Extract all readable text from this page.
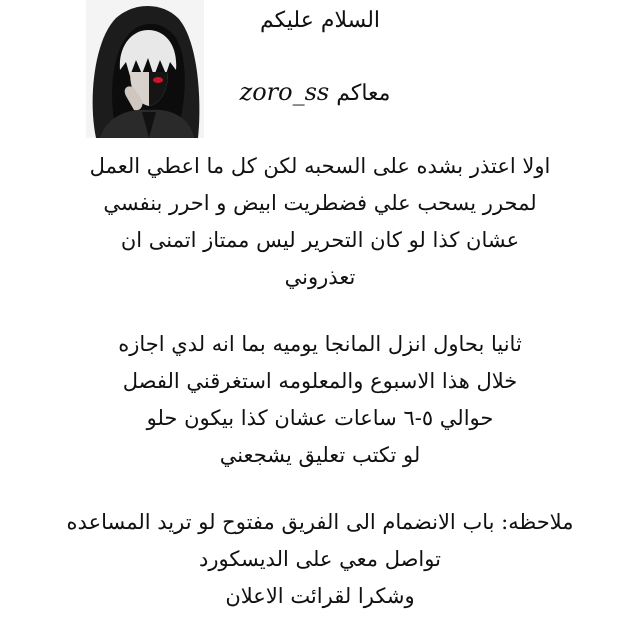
السلام عليكم
معاكم zoro_ss
اولا اعتذر بشده على السحبه لكن كل ما اعطي العمل
لمحرر يسحب علي فضطريت ابيض و احرر بنفسي
عشان كذا لو كان التحرير ليس ممتاز اتمنى ان
تعذروني
ثانيا بحاول انزل المانجا يوميه بما انه لدي اجازه
خلال هذا الاسبوع والمعلومه استغرقني الفصل
حوالي ٥-٦ ساعات عشان كذا بيكون حلو
لو تكتب تعليق يشجعني
ملاحظه: باب الانضمام الى الفريق مفتوح لو تريد المساعده
تواصل معي على الديسكورد
وشكرا لقرائت الاعلان
